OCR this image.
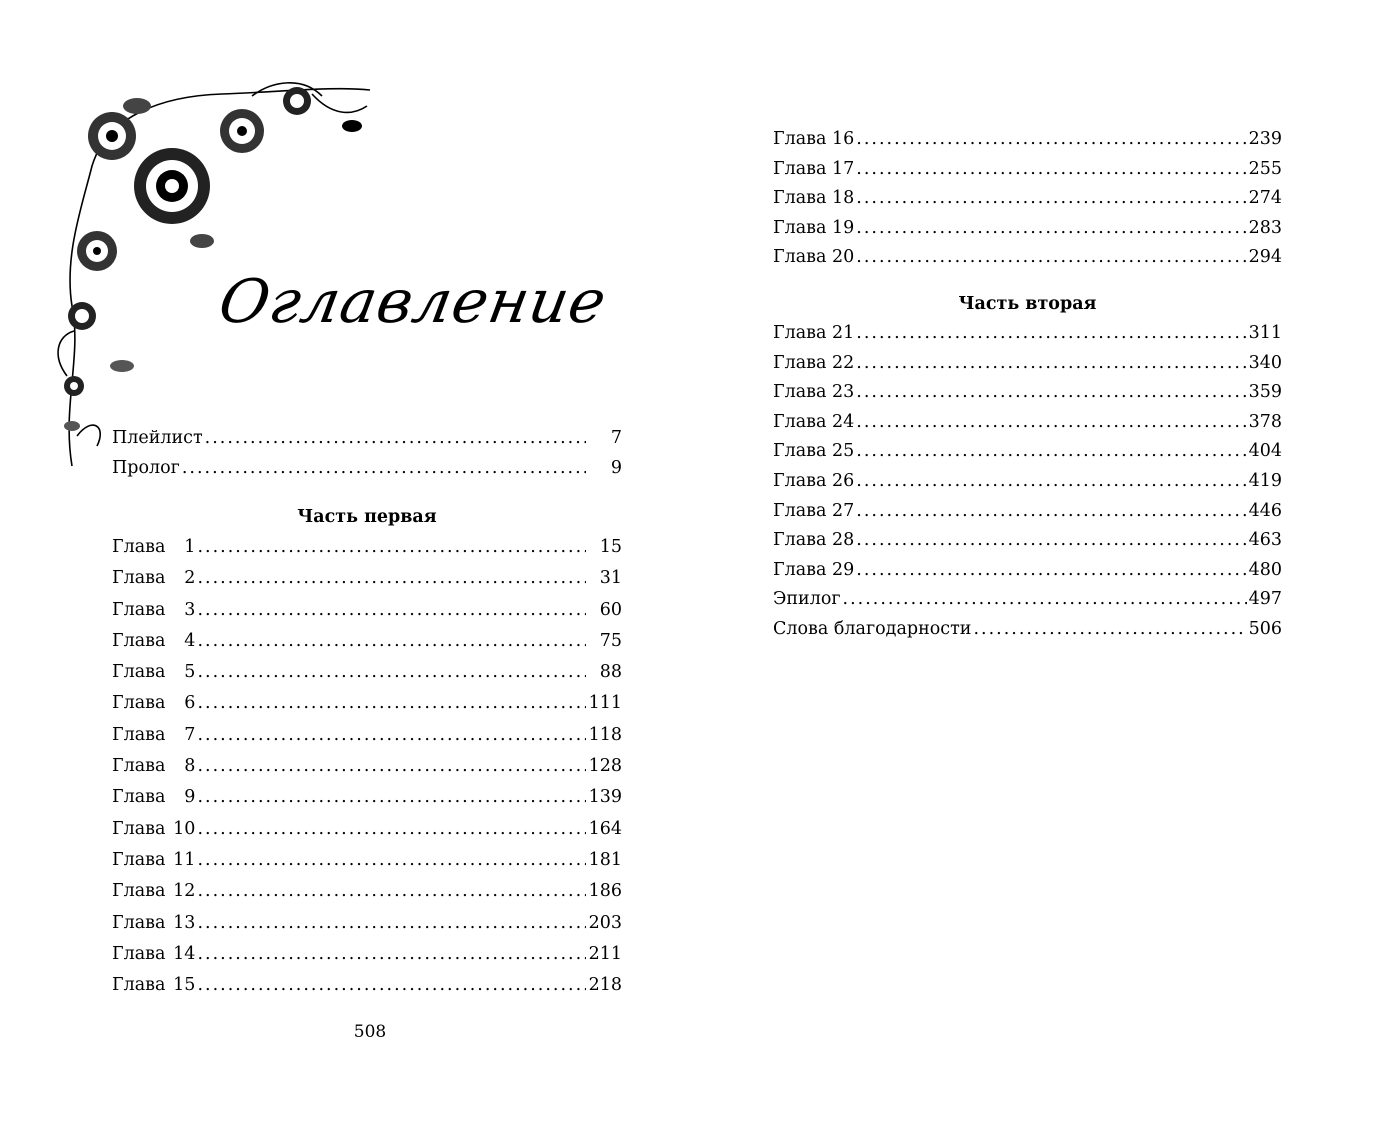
Оглавление
Плейлист .....	7
Пролог .....	9
Часть первая
Глава	1 .....	15
Глава	2 .....	31
Глава	3 .....	60
Глава	4 .....	75
Глава	5 .....	88
Глава	6 .....	111
Глава	7 .....	118
Глава	8 .....	128
Глава	9 .....	139
Глава 10 .....	164
Глава 11 .....	181
Глава 12 .....	186
Глава 13 .....	203
Глава 14 .....	211
Глава 15 .....	218
508
Глава 16 .....	239
Глава 17 .....	255
Глава 18 .....	274
Глава 19 .....	283
Глава 20 .....	294
Часть вторая
Глава 21 .....	311
Глава 22 .....	340
Глава 23 .....	359
Глава 24 .....	378
Глава 25 .....	404
Глава 26 .....	419
Глава 27 .....	446
Глава 28 .....	463
Глава 29 .....	480
Эпилог .....	497
Слова благодарности .....	506
